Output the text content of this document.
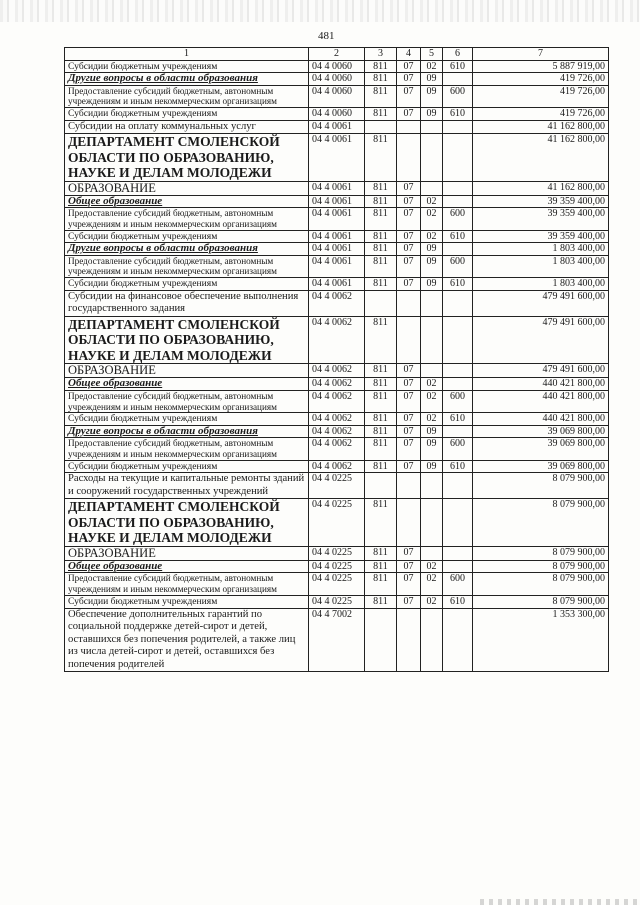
481
1	2	3	4	5	6	7
Субсидии бюджетным учреждениям	04 4 0060	811	07	02	610	5 887 919,00
Другие вопросы в области образования	04 4 0060	811	07	09		419 726,00
Предоставление субсидий бюджетным, автономным учреждениям и иным некоммерческим организациям	04 4 0060	811	07	09	600	419 726,00
Субсидии бюджетным учреждениям	04 4 0060	811	07	09	610	419 726,00
Субсидии на оплату коммунальных услуг	04 4 0061					41 162 800,00
ДЕПАРТАМЕНТ СМОЛЕНСКОЙ ОБЛАСТИ ПО ОБРАЗОВАНИЮ, НАУКЕ И ДЕЛАМ МОЛОДЕЖИ	04 4 0061	811				41 162 800,00
ОБРАЗОВАНИЕ	04 4 0061	811	07			41 162 800,00
Общее образование	04 4 0061	811	07	02		39 359 400,00
Предоставление субсидий бюджетным, автономным учреждениям и иным некоммерческим организациям	04 4 0061	811	07	02	600	39 359 400,00
Субсидии бюджетным учреждениям	04 4 0061	811	07	02	610	39 359 400,00
Другие вопросы в области образования	04 4 0061	811	07	09		1 803 400,00
Предоставление субсидий бюджетным, автономным учреждениям и иным некоммерческим организациям	04 4 0061	811	07	09	600	1 803 400,00
Субсидии бюджетным учреждениям	04 4 0061	811	07	09	610	1 803 400,00
Субсидии на финансовое обеспечение выполнения государственного задания	04 4 0062					479 491 600,00
ДЕПАРТАМЕНТ СМОЛЕНСКОЙ ОБЛАСТИ ПО ОБРАЗОВАНИЮ, НАУКЕ И ДЕЛАМ МОЛОДЕЖИ	04 4 0062	811				479 491 600,00
ОБРАЗОВАНИЕ	04 4 0062	811	07			479 491 600,00
Общее образование	04 4 0062	811	07	02		440 421 800,00
Предоставление субсидий бюджетным, автономным учреждениям и иным некоммерческим организациям	04 4 0062	811	07	02	600	440 421 800,00
Субсидии бюджетным учреждениям	04 4 0062	811	07	02	610	440 421 800,00
Другие вопросы в области образования	04 4 0062	811	07	09		39 069 800,00
Предоставление субсидий бюджетным, автономным учреждениям и иным некоммерческим организациям	04 4 0062	811	07	09	600	39 069 800,00
Субсидии бюджетным учреждениям	04 4 0062	811	07	09	610	39 069 800,00
Расходы на текущие и капитальные ремонты зданий и сооружений государственных учреждений	04 4 0225					8 079 900,00
ДЕПАРТАМЕНТ СМОЛЕНСКОЙ ОБЛАСТИ ПО ОБРАЗОВАНИЮ, НАУКЕ И ДЕЛАМ МОЛОДЕЖИ	04 4 0225	811				8 079 900,00
ОБРАЗОВАНИЕ	04 4 0225	811	07			8 079 900,00
Общее образование	04 4 0225	811	07	02		8 079 900,00
Предоставление субсидий бюджетным, автономным учреждениям и иным некоммерческим организациям	04 4 0225	811	07	02	600	8 079 900,00
Субсидии бюджетным учреждениям	04 4 0225	811	07	02	610	8 079 900,00
Обеспечение дополнительных гарантий по социальной поддержке детей-сирот и детей, оставшихся без попечения родителей, а также лиц из числа детей-сирот и детей, оставшихся без попечения родителей	04 4 7002					1 353 300,00
